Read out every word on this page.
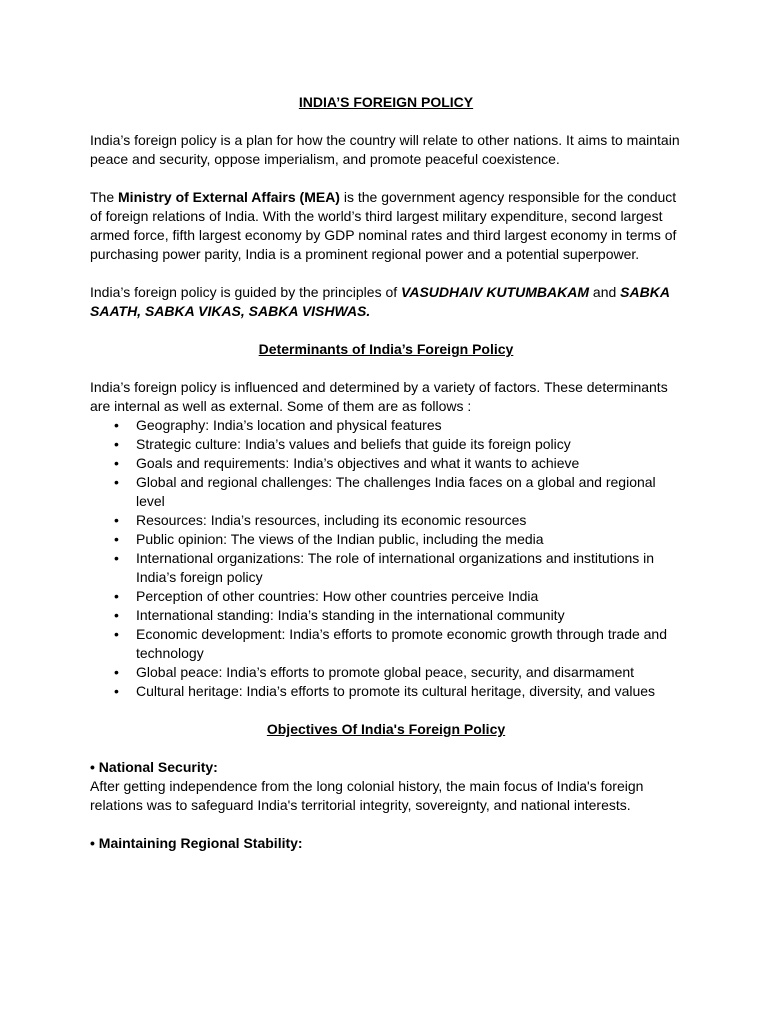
INDIA’S FOREIGN POLICY

India’s foreign policy is a plan for how the country will relate to other nations. It aims to maintain peace and security, oppose imperialism, and promote peaceful coexistence.

The Ministry of External Affairs (MEA) is the government agency responsible for the conduct of foreign relations of India. With the world’s third largest military expenditure, second largest armed force, fifth largest economy by GDP nominal rates and third largest economy in terms of purchasing power parity, India is a prominent regional power and a potential superpower.

India’s foreign policy is guided by the principles of VASUDHAIV KUTUMBAKAM and SABKA SAATH, SABKA VIKAS, SABKA VISHWAS.

Determinants of India’s Foreign Policy

India’s foreign policy is influenced and determined by a variety of factors. These determinants are internal as well as external. Some of them are as follows :

• Geography: India’s location and physical features
• Strategic culture: India’s values and beliefs that guide its foreign policy
• Goals and requirements: India’s objectives and what it wants to achieve
• Global and regional challenges: The challenges India faces on a global and regional level
• Resources: India’s resources, including its economic resources
• Public opinion: The views of the Indian public, including the media
• International organizations: The role of international organizations and institutions in India’s foreign policy
• Perception of other countries: How other countries perceive India
• International standing: India’s standing in the international community
• Economic development: India’s efforts to promote economic growth through trade and technology
• Global peace: India’s efforts to promote global peace, security, and disarmament
• Cultural heritage: India’s efforts to promote its cultural heritage, diversity, and values
Objectives Of India's Foreign Policy
• National Security:

After getting independence from the long colonial history, the main focus of India's foreign relations was to safeguard India's territorial integrity, sovereignty, and national interests.

• Maintaining Regional Stability:
